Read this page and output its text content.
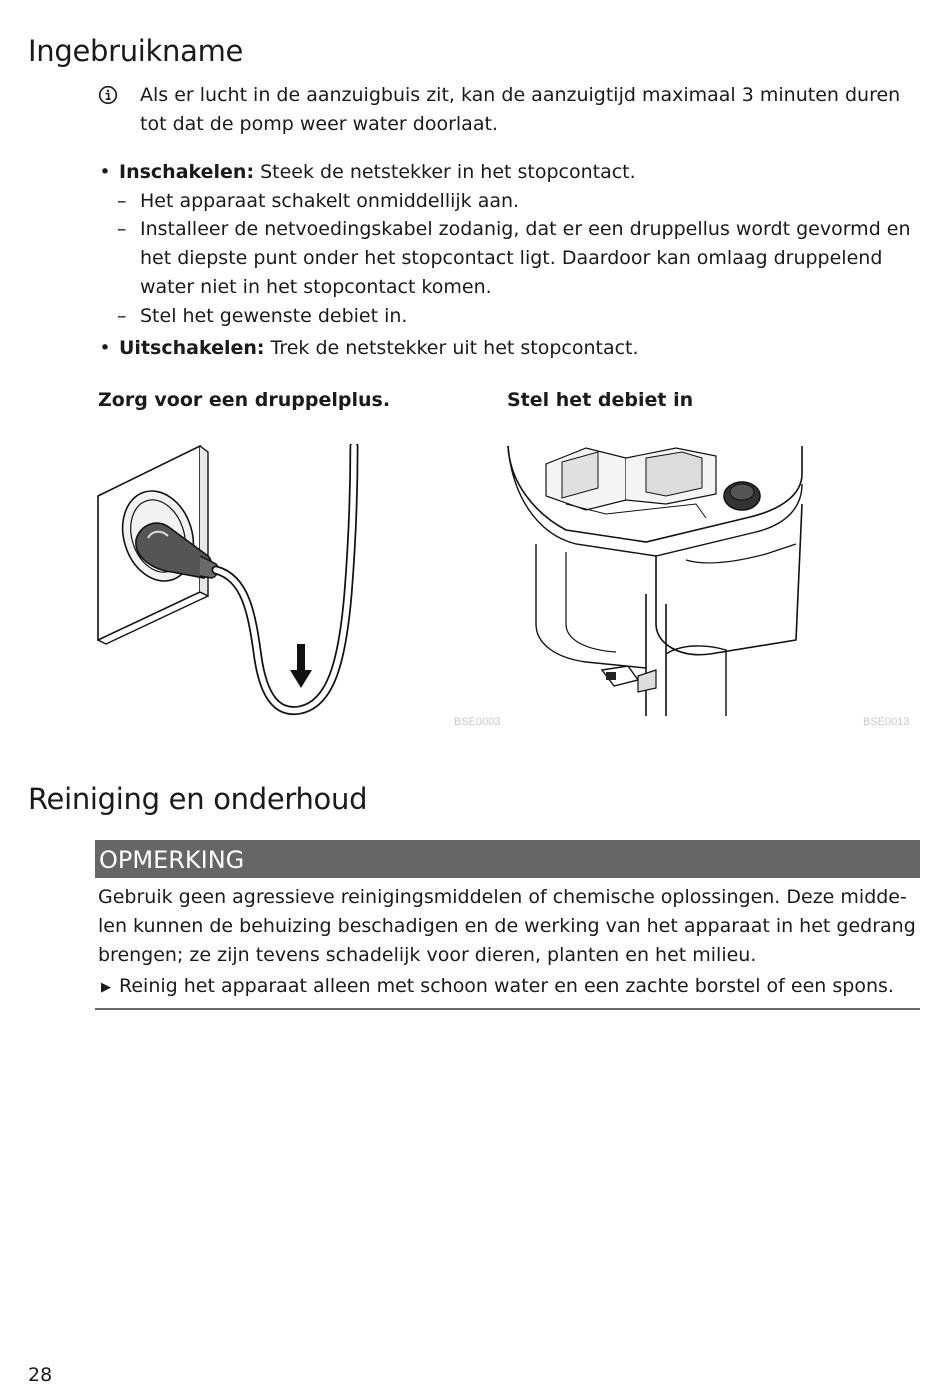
Ingebruikname
Als er lucht in de aanzuigbuis zit, kan de aanzuigtijd maximaal 3 minuten duren
tot dat de pomp weer water doorlaat.
• Inschakelen: Steek de netstekker in het stopcontact.
– Het apparaat schakelt onmiddellijk aan.
– Installeer de netvoedingskabel zodanig, dat er een druppellus wordt gevormd en
het diepste punt onder het stopcontact ligt. Daardoor kan omlaag druppelend
water niet in het stopcontact komen.
– Stel het gewenste debiet in.
• Uitschakelen: Trek de netstekker uit het stopcontact.
Zorg voor een druppelplus.	Stel het debiet in
BSE0003	BSE0013
Reiniging en onderhoud
OPMERKING
Gebruik geen agressieve reinigingsmiddelen of chemische oplossingen. Deze midde-
len kunnen de behuizing beschadigen en de werking van het apparaat in het gedrang
brengen; ze zijn tevens schadelijk voor dieren, planten en het milieu.
▶ Reinig het apparaat alleen met schoon water en een zachte borstel of een spons.
28
